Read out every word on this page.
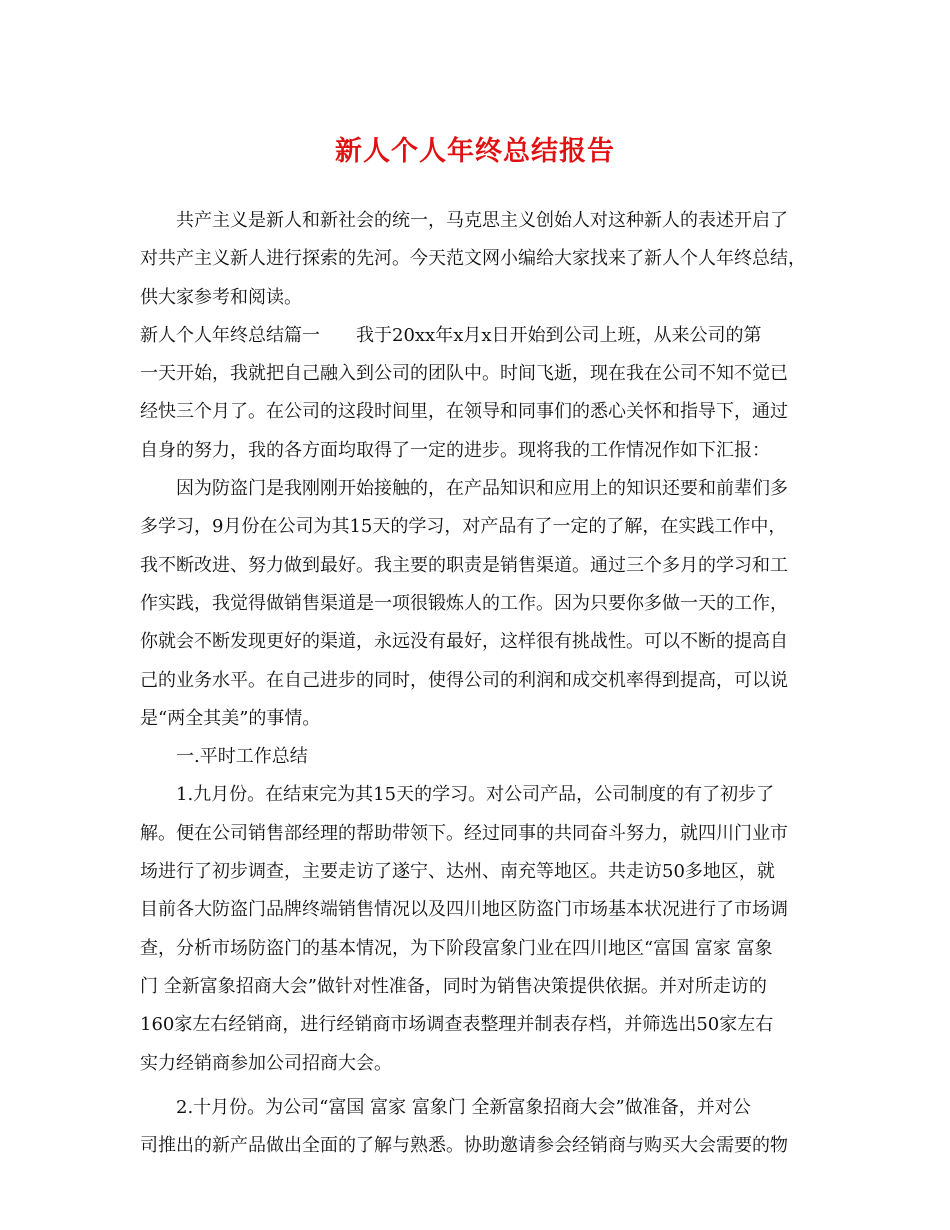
新人个人年终总结报告

共产主义是新人和新社会的统一，马克思主义创始人对这种新人的表述开启了

对共产主义新人进行探索的先河。今天范文网小编给大家找来了新人个人年终总结，

供大家参考和阅读。

新人个人年终总结篇一　　我于20xx年x月x日开始到公司上班，从来公司的第

一天开始，我就把自己融入到公司的团队中。时间飞逝，现在我在公司不知不觉已

经快三个月了。在公司的这段时间里，在领导和同事们的悉心关怀和指导下，通过

自身的努力，我的各方面均取得了一定的进步。现将我的工作情况作如下汇报：

因为防盗门是我刚刚开始接触的，在产品知识和应用上的知识还要和前辈们多

多学习，9月份在公司为其15天的学习，对产品有了一定的了解，在实践工作中，

我不断改进、努力做到最好。我主要的职责是销售渠道。通过三个多月的学习和工

作实践，我觉得做销售渠道是一项很锻炼人的工作。因为只要你多做一天的工作，

你就会不断发现更好的渠道，永远没有最好，这样很有挑战性。可以不断的提高自

己的业务水平。在自己进步的同时，使得公司的利润和成交机率得到提高，可以说

是“两全其美”的事情。

一.平时工作总结

1.九月份。在结束完为其15天的学习。对公司产品，公司制度的有了初步了

解。便在公司销售部经理的帮助带领下。经过同事的共同奋斗努力，就四川门业市

场进行了初步调查，主要走访了遂宁、达州、南充等地区。共走访50多地区，就

目前各大防盗门品牌终端销售情况以及四川地区防盗门市场基本状况进行了市场调

查，分析市场防盗门的基本情况，为下阶段富象门业在四川地区“富国 富家 富象

门 全新富象招商大会”做针对性准备，同时为销售决策提供依据。并对所走访的

160家左右经销商，进行经销商市场调查表整理并制表存档，并筛选出50家左右

实力经销商参加公司招商大会。

2.十月份。为公司“富国 富家 富象门 全新富象招商大会”做准备，并对公

司推出的新产品做出全面的了解与熟悉。协助邀请参会经销商与购买大会需要的物
